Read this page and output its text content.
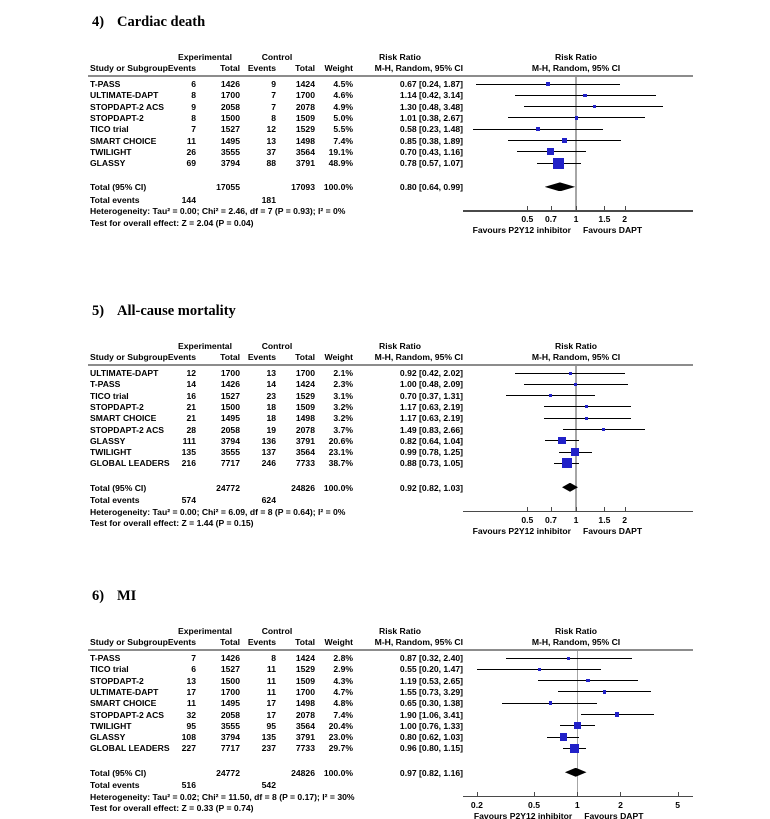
4) Cardiac death
Experimental	Control	Risk Ratio	Risk Ratio
Study or Subgroup Events	Total Events Total Weight	M-H, Random, 95% CI	M-H, Random, 95% CI
T-PASS	6	1426	9 1424 4.5%	0.67 [0.24, 1.87]
ULTIMATE-DAPT	8	1700	7 1700 4.6%	1.14 [0.42, 3.14]
STOPDAPT-2 ACS	9	2058	7 2078 4.9%	1.30 [0.48, 3.48]
STOPDAPT-2	8	1500	8 1509 5.0%	1.01 [0.38, 2.67]
TICO trial	7	1527	12 1529 5.5%	0.58 [0.23, 1.48]
SMART CHOICE	11	1495	13 1498 7.4%	0.85 [0.38, 1.89]
TWILIGHT	26	3555	37 3564 19.1%	0.70 [0.43, 1.16]
GLASSY	69	3794	88 3791 48.9%	0.78 [0.57, 1.07]
Total (95% CI)	17055	17093 100.0%	0.80 [0.64, 0.99]
Total events	144	181
Heterogeneity: Tau² = 0.00; Chi² = 2.46, df = 7 (P = 0.93); I² = 0%
Test for overall effect: Z = 2.04 (P = 0.04)	0.5	0.7	1	1.5	2
Favours P2Y12 inhibitor Favours DAPT
5) All-cause mortality
Experimental	Control	Risk Ratio	Risk Ratio
Study or Subgroup Events	Total Events Total Weight	M-H, Random, 95% CI	M-H, Random, 95% CI
ULTIMATE-DAPT	12	1700	13 1700 2.1%	0.92 [0.42, 2.02]
T-PASS	14	1426	14 1424 2.3%	1.00 [0.48, 2.09]
TICO trial	16	1527	23 1529 3.1%	0.70 [0.37, 1.31]
STOPDAPT-2	21	1500	18 1509 3.2%	1.17 [0.63, 2.19]
SMART CHOICE	21	1495	18 1498 3.2%	1.17 [0.63, 2.19]
STOPDAPT-2 ACS	28	2058	19 2078 3.7%	1.49 [0.83, 2.66]
GLASSY	111	3794	136 3791 20.6%	0.82 [0.64, 1.04]
TWILIGHT	135	3555	137 3564 23.1%	0.99 [0.78, 1.25]
GLOBAL LEADERS 216	7717	246 7733 38.7%	0.88 [0.73, 1.05]
Total (95% CI)	24772	24826 100.0%	0.92 [0.82, 1.03]
Total events	574	624
Heterogeneity: Tau² = 0.00; Chi² = 6.09, df = 8 (P = 0.64); I² = 0%
Test for overall effect: Z = 1.44 (P = 0.15)	0.5	0.7	1	1.5	2
Favours P2Y12 inhibitor Favours DAPT
6) MI
Experimental	Control	Risk Ratio	Risk Ratio
Study or Subgroup Events	Total Events Total Weight	M-H, Random, 95% CI	M-H, Random, 95% CI
T-PASS	7	1426	8 1424 2.8%	0.87 [0.32, 2.40]
TICO trial	6	1527	11 1529 2.9%	0.55 [0.20, 1.47]
STOPDAPT-2	13	1500	11 1509 4.3%	1.19 [0.53, 2.65]
ULTIMATE-DAPT	17	1700	11 1700 4.7%	1.55 [0.73, 3.29]
SMART CHOICE	11	1495	17 1498 4.8%	0.65 [0.30, 1.38]
STOPDAPT-2 ACS	32	2058	17 2078 7.4%	1.90 [1.06, 3.41]
TWILIGHT	95	3555	95 3564 20.4%	1.00 [0.76, 1.33]
GLASSY	108	3794	135 3791 23.0%	0.80 [0.62, 1.03]
GLOBAL LEADERS 227	7717	237 7733 29.7%	0.96 [0.80, 1.15]
Total (95% CI)	24772	24826 100.0%	0.97 [0.82, 1.16]
Total events	516	542
Heterogeneity: Tau² = 0.02; Chi² = 11.50, df = 8 (P = 0.17); I² = 30%
Test for overall effect: Z = 0.33 (P = 0.74)	0.2	0.5	1	2	5
Favours P2Y12 inhibitor Favours DAPT
